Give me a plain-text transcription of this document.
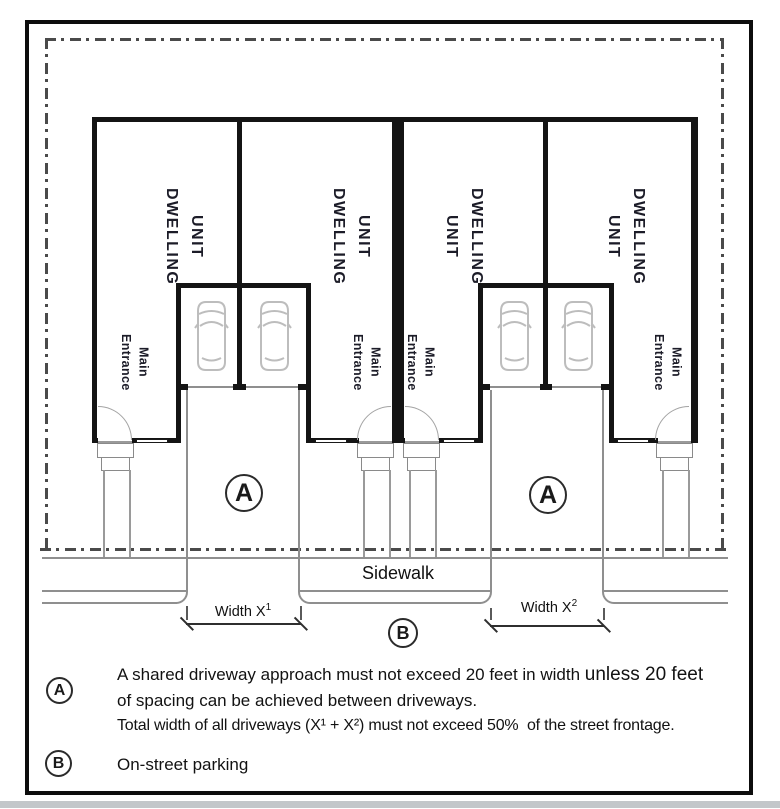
DWELLING
UNIT	DWELLING
UNIT	DWELLING
UNIT	DWELLING
UNIT
Main
Entrance	Main
Entrance	Main
Entrance	Main
Entrance
Sidewalk
Width $X^1$	Width $X^2$
A	A
B
A
A shared driveway approach must not exceed 20 feet in width unless 20 feet
of spacing can be achieved between driveways.
Total width of all driveways (X¹ + X²) must not exceed 50%  of the street frontage.
B	On-street parking
